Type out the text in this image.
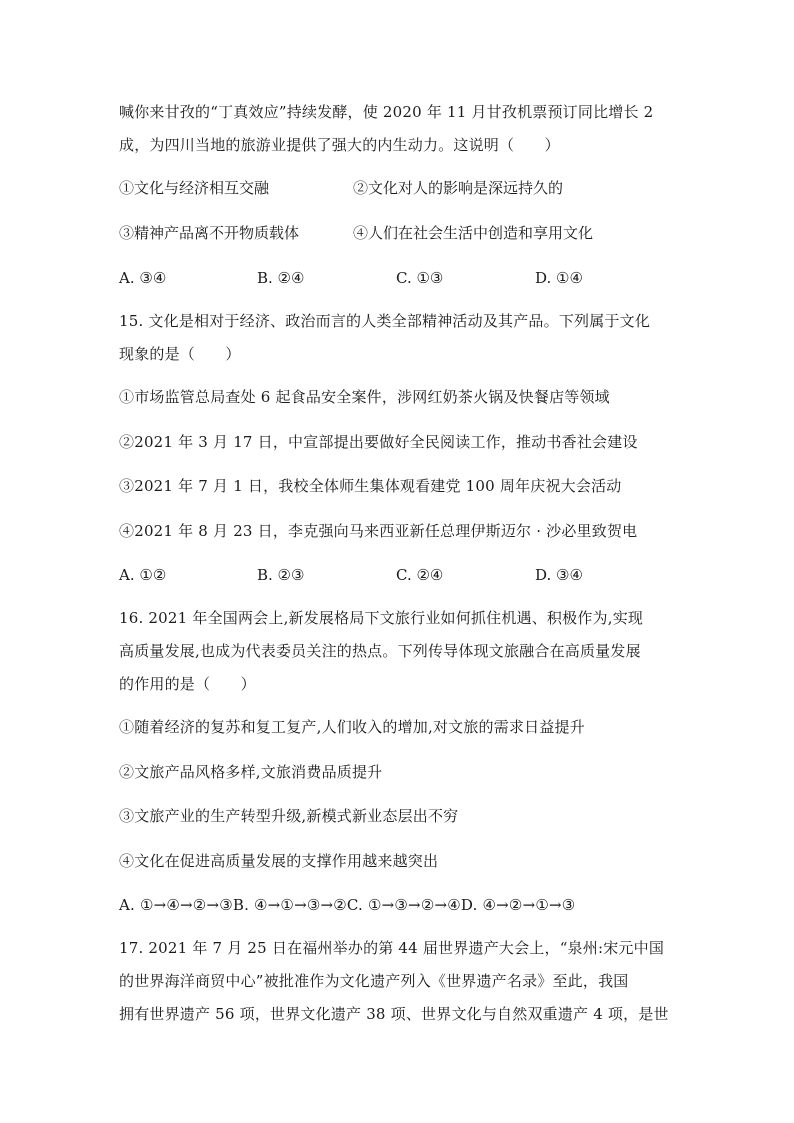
喊你来甘孜的“丁真效应”持续发酵，使 2020 年 11 月甘孜机票预订同比增长 2
成，为四川当地的旅游业提供了强大的内生动力。这说明（　　）
①文化与经济相互交融	②文化对人的影响是深远持久的
③精神产品离不开物质载体	④人们在社会生活中创造和享用文化
A. ③④	B. ②④	C. ①③	D. ①④
15. 文化是相对于经济、政治而言的人类全部精神活动及其产品。下列属于文化
现象的是（　　）
①市场监管总局查处 6 起食品安全案件，涉网红奶茶火锅及快餐店等领域
②2021 年 3 月 17 日，中宣部提出要做好全民阅读工作，推动书香社会建设
③2021 年 7 月 1 日，我校全体师生集体观看建党 100 周年庆祝大会活动
④2021 年 8 月 23 日，李克强向马来西亚新任总理伊斯迈尔 · 沙必里致贺电
A. ①②	B. ②③	C. ②④	D. ③④
16. 2021 年全国两会上,新发展格局下文旅行业如何抓住机遇、积极作为,实现
高质量发展,也成为代表委员关注的热点。下列传导体现文旅融合在高质量发展
的作用的是（　　）
①随着经济的复苏和复工复产,人们收入的增加,对文旅的需求日益提升
②文旅产品风格多样,文旅消费品质提升
③文旅产业的生产转型升级,新模式新业态层出不穷
④文化在促进高质量发展的支撑作用越来越突出
A. ①→④→②→③B. ④→①→③→②C. ①→③→②→④D. ④→②→①→③
17. 2021 年 7 月 25 日在福州举办的第 44 届世界遗产大会上，“泉州:宋元中国
的世界海洋商贸中心”被批准作为文化遗产列入《世界遗产名录》至此，我国
拥有世界遗产 56 项，世界文化遗产 38 项、世界文化与自然双重遗产 4 项，是世
